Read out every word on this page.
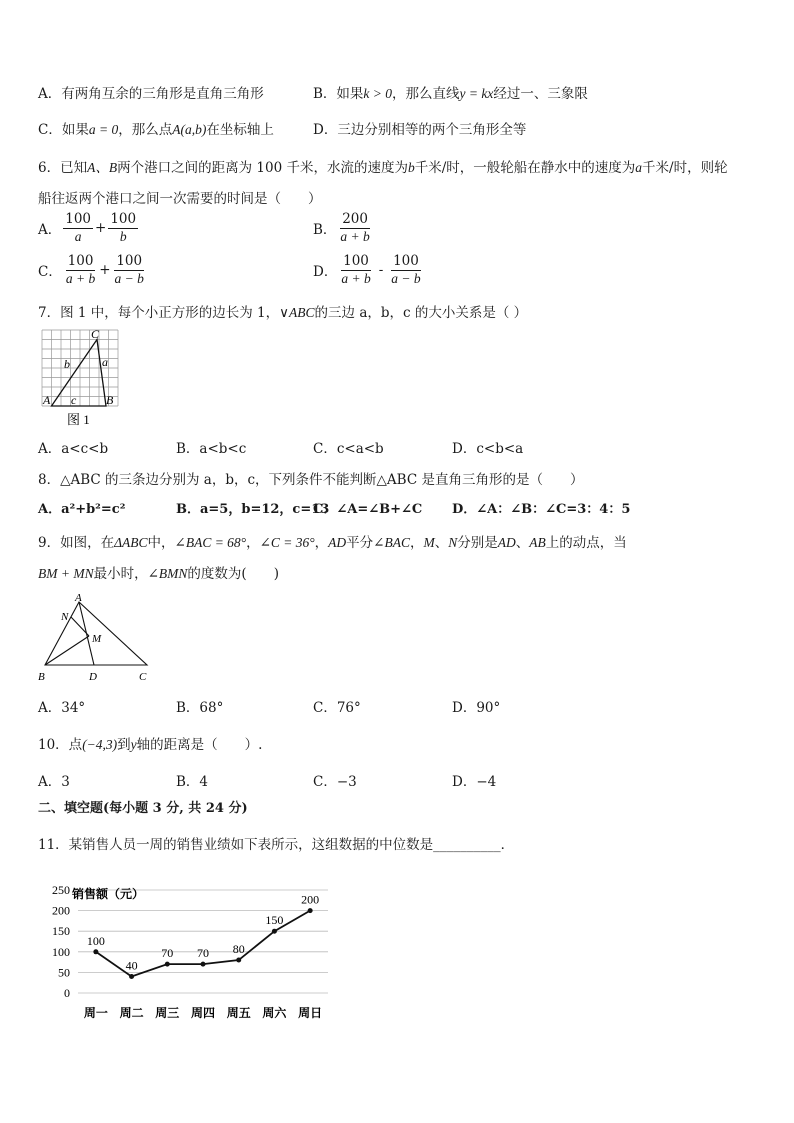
A．有两角互余的三角形是直角三角形	B．如果k > 0，那么直线y = kx经过一、三象限
C．如果a = 0，那么点A(a,b)在坐标轴上	D．三边分别相等的两个三角形全等
6．已知A、B两个港口之间的距离为 100 千米，水流的速度为b千米/时，一般轮船在静水中的速度为a千米/时，则轮
船往返两个港口之间一次需要的时间是（　　）
A． $\frac{100}{a} + \frac{100}{b}$	B． $\frac{200}{a + b}$
C． $\frac{100}{a + b} + \frac{100}{a - b}$	D． $\frac{100}{a + b} - \frac{100}{a - b}$
7．图 1 中，每个小正方形的边长为 1，∨ABC的三边 a，b，c 的大小关系是（ ）
C
A	B
a
b
c
图 1
A．a<c<b	B．a<b<c	C．c<a<b	D．c<b<a
8．△ABC 的三条边分别为 a，b，c，下列条件不能判断△ABC 是直角三角形的是（　　）
A．a²+b²=c²	B．a=5，b=12，c=13
C．∠A=∠B+∠C D．∠A：∠B：∠C=3：4：5
9．如图，在ΔABC中，∠BAC = 68°，∠C = 36°，AD平分∠BAC，M、N分别是AD、AB上的动点，当
BM + MN最小时，∠BMN的度数为(　　)
A
N
M
B	D	C
A．34°	B．68°	C．76°	D．90°
10．点(−4,3)到y轴的距离是（　　）.
A．3	B．4	C．−3	D．−4
二、填空题(每小题 3 分, 共 24 分)
11．某销售人员一周的销售业绩如下表所示，这组数据的中位数是__________．
0
50
100
150
200
250
周一 周二 周三 周四 周五 周六 周日
100
40
70 70 80
150
200
销售额（元）
